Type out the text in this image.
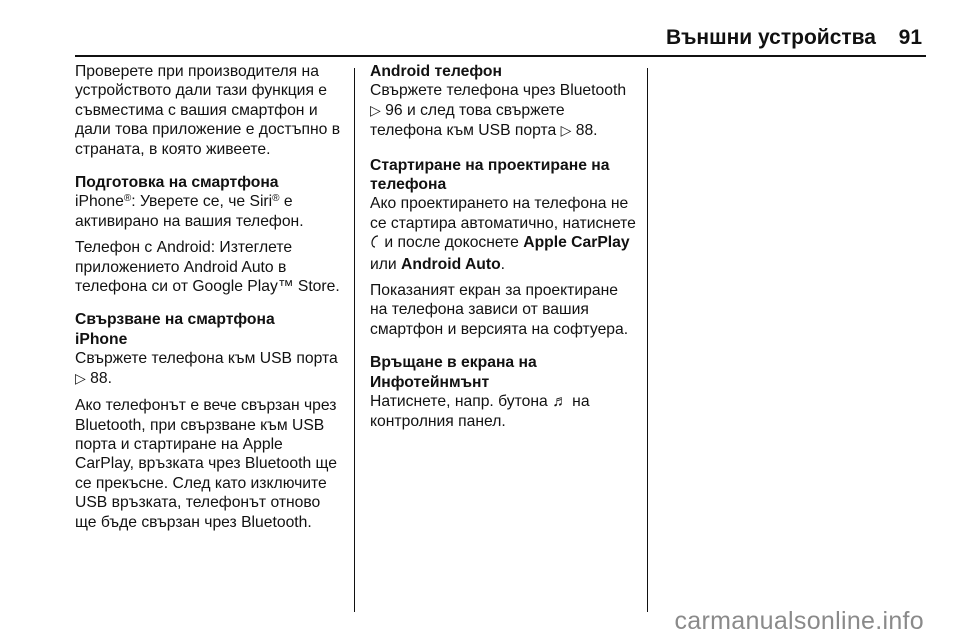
Външни устройства 91

Проверете при производителя на устройството дали тази функция е съвместима с вашия смартфон и дали това приложение е достъпно в страната, в която живеете.

Подготовка на смартфона

iPhone®: Уверете се, че Siri® е активирано на вашия телефон.

Телефон с Android: Изтеглете приложението Android Auto в телефона си от Google Play™ Store.

Свързване на смартфона

iPhone

Свържете телефона към USB порта ▷ 88.

Ако телефонът е вече свързан чрез Bluetooth, при свързване към USB порта и стартиране на Apple CarPlay, връзката чрез Bluetooth ще се прекъсне. След като изключите USB връзката, телефонът отново ще бъде свързан чрез Bluetooth.

Android телефон

Свържете телефона чрез Bluetooth ▷ 96 и след това свържете телефона към USB порта ▷ 88.

Стартиране на проектиране на телефона

Ако проектирането на телефона не се стартира автоматично, натиснете  и после докоснете Apple CarPlay или Android Auto.

Показаният екран за проектиране на телефона зависи от вашия смартфон и версията на софтуера.

Връщане в екрана на Инфотейнмънт

Натиснете, напр. бутона ♬ на контролния панел.

carmanualsonline.info
